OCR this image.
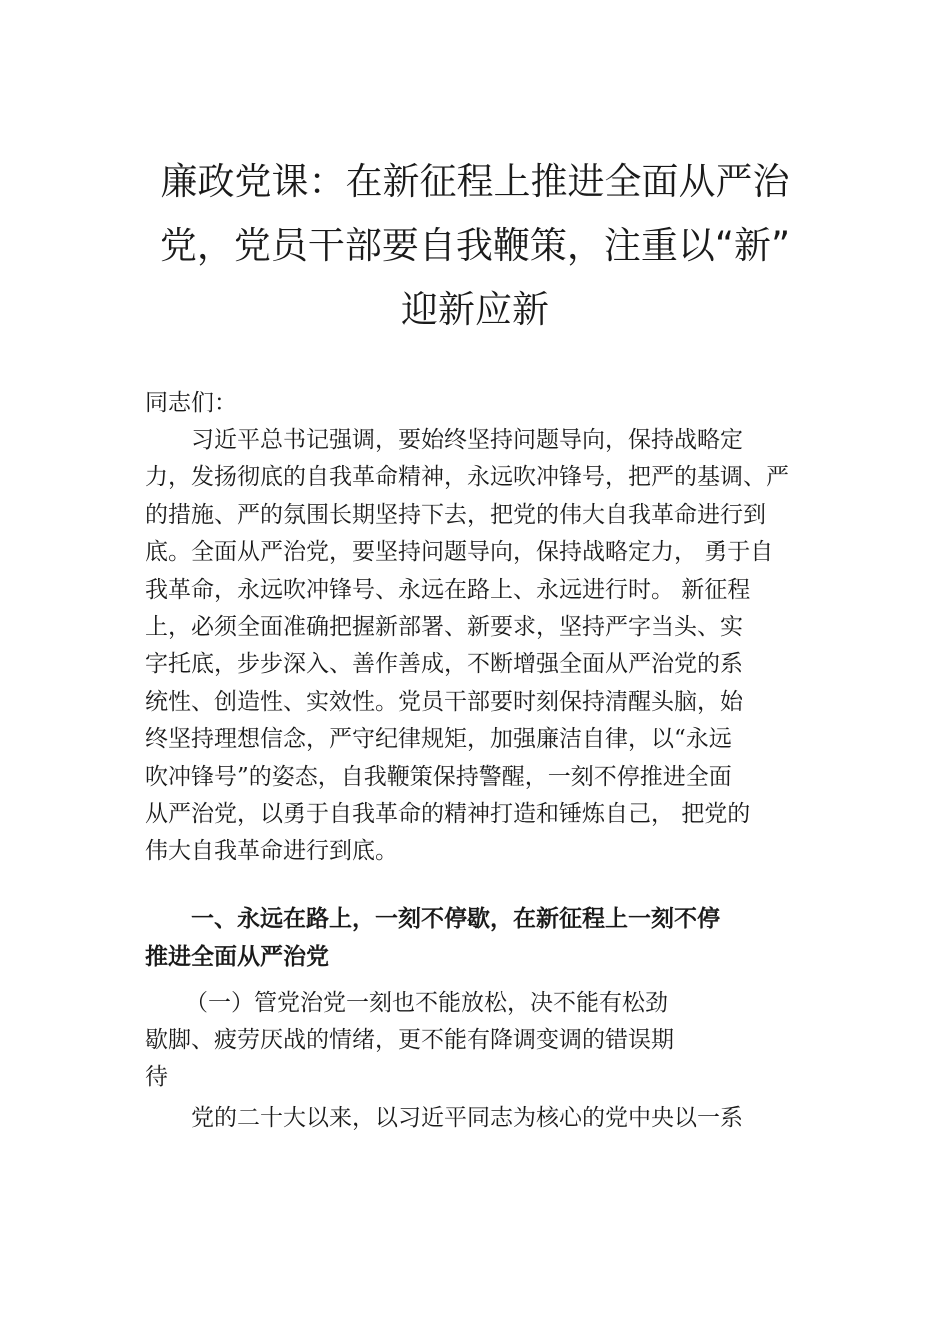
廉政党课：在新征程上推进全面从严治
党，党员干部要自我鞭策，注重以“新”
迎新应新

同志们：

习近平总书记强调，要始终坚持问题导向，保持战略定
力，发扬彻底的自我革命精神，永远吹冲锋号，把严的基调、严
的措施、严的氛围长期坚持下去，把党的伟大自我革命进行到
底。全面从严治党，要坚持问题导向，保持战略定力， 勇于自
我革命，永远吹冲锋号、永远在路上、永远进行时。 新征程
上，必须全面准确把握新部署、新要求，坚持严字当头、实
字托底，步步深入、善作善成，不断增强全面从严治党的系
统性、创造性、实效性。党员干部要时刻保持清醒头脑，始
终坚持理想信念，严守纪律规矩，加强廉洁自律，以“永远
吹冲锋号”的姿态，自我鞭策保持警醒，一刻不停推进全面
从严治党，以勇于自我革命的精神打造和锤炼自己， 把党的
伟大自我革命进行到底。
一、永远在路上，一刻不停歇，在新征程上一刻不停
推进全面从严治党
（一）管党治党一刻也不能放松，决不能有松劲
歇脚、疲劳厌战的情绪，更不能有降调变调的错误期
待
党的二十大以来，以习近平同志为核心的党中央以一系
